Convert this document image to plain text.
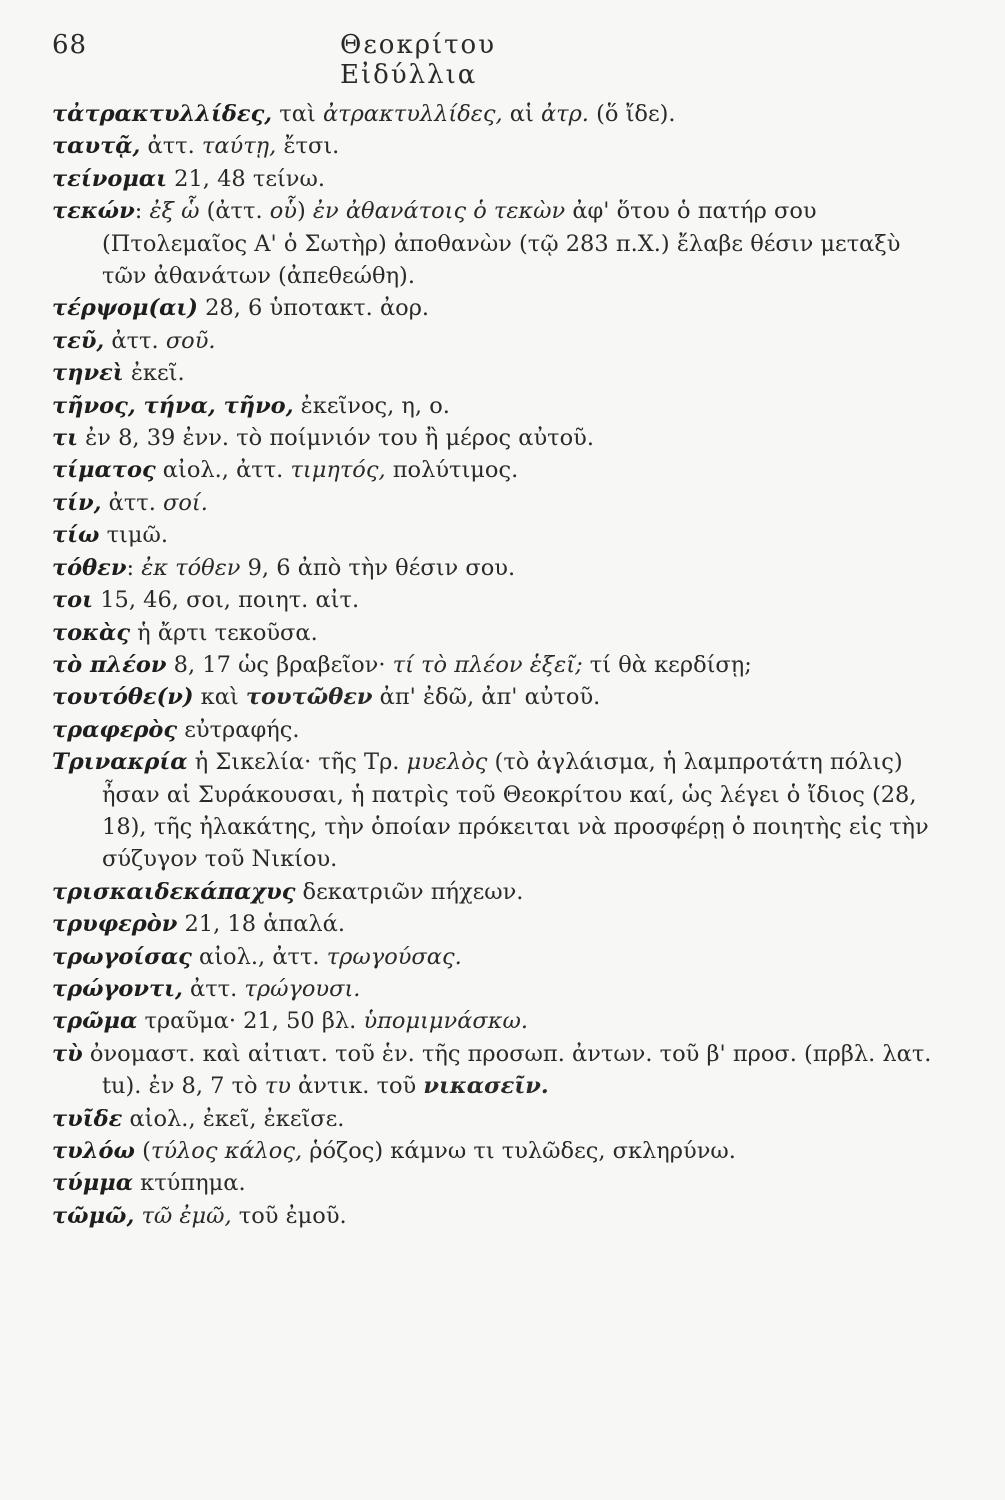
68	Θεοκρίτου Εἰδύλλια

τἀτρακτυλλίδες, ταὶ ἀτρακτυλλίδες, αἱ ἀτρ. (ὅ ἴδε).

ταυτᾷ, ἀττ. ταύτῃ, ἔτσι.

τείνομαι 21, 48 τείνω.

τεκών: ἐξ ὧ (ἀττ. οὗ) ἐν ἀθανάτοις ὁ τεκὼν ἀφ' ὅτου ὁ πατήρ σου (Πτολεμαῖος Α' ὁ Σωτὴρ) ἀποθανὼν (τῷ 283 π.Χ.) ἔλαβε θέσιν μεταξὺ τῶν ἀθανάτων (ἀπεθεώθη).

τέρψομ(αι) 28, 6 ὑποτακτ. ἀορ.

τεῦ, ἀττ. σοῦ.

τηνεὶ ἐκεῖ.

τῆνος, τήνα, τῆνο, ἐκεῖνος, η, ο.

τι ἐν 8, 39 ἐνν. τὸ ποίμνιόν του ἢ μέρος αὐτοῦ.

τίματος αἰολ., ἀττ. τιμητός, πολύτιμος.

τίν, ἀττ. σοί.

τίω τιμῶ.

τόθεν: ἐκ τόθεν 9, 6 ἀπὸ τὴν θέσιν σου.

τοι 15, 46, σοι, ποιητ. αἰτ.

τοκὰς ἡ ἄρτι τεκοῦσα.

τὸ πλέον 8, 17 ὡς βραβεῖον· τί τὸ πλέον ἑξεῖ; τί θὰ κερδίσῃ;

τουτόθε(ν) καὶ τουτῶθεν ἀπ' ἐδῶ, ἀπ' αὐτοῦ.

τραφερὸς εὐτραφής.

Τρινακρία ἡ Σικελία· τῆς Τρ. μυελὸς (τὸ ἀγλάισμα, ἡ λαμπροτάτη πόλις) ἦσαν αἱ Συράκουσαι, ἡ πατρὶς τοῦ Θεοκρίτου καί, ὡς λέγει ὁ ἴδιος (28, 18), τῆς ἠλακάτης, τὴν ὁποίαν πρόκειται νὰ προσφέρῃ ὁ ποιητὴς εἰς τὴν σύζυγον τοῦ Νικίου.

τρισκαιδεκάπαχυς δεκατριῶν πήχεων.

τρυφερὸν 21, 18 ἁπαλά.

τρωγοίσας αἰολ., ἀττ. τρωγούσας.

τρώγοντι, ἀττ. τρώγουσι.

τρῶμα τραῦμα· 21, 50 βλ. ὑπομιμνάσκω.

τὺ ὀνομαστ. καὶ αἰτιατ. τοῦ ἑν. τῆς προσωπ. ἀντων. τοῦ β' προσ. (πρβλ. λατ. tu). ἐν 8, 7 τὸ τυ ἀντικ. τοῦ νικασεῖν.

τυῖδε αἰολ., ἐκεῖ, ἐκεῖσε.

τυλόω (τύλος κάλος, ῥόζος) κάμνω τι τυλῶδες, σκληρύνω.

τύμμα κτύπημα.

τῶμῶ, τῶ ἐμῶ, τοῦ ἐμοῦ.
